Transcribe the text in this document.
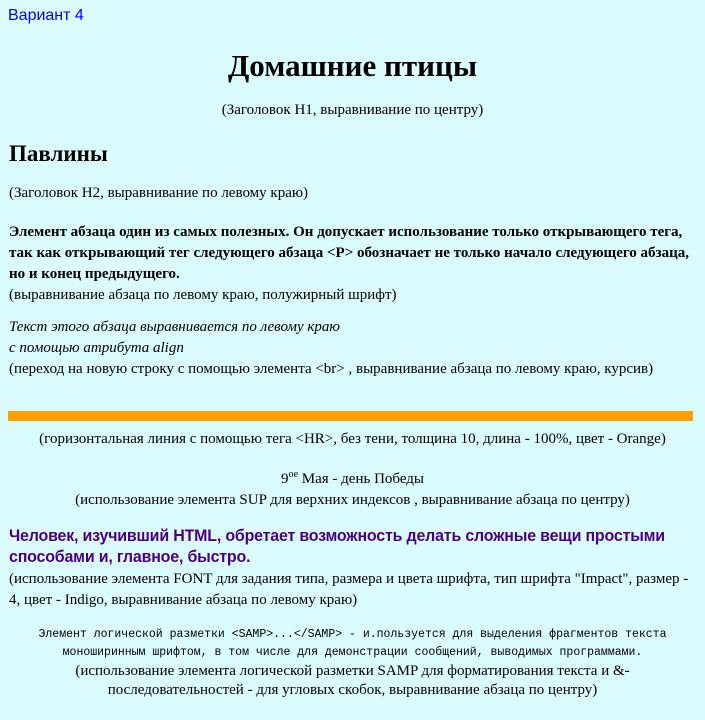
Вариант 4

Домашние птицы

(Заголовок H1, выравнивание по центру)

Павлины

(Заголовок H2, выравнивание по левому краю)

Элемент абзаца один из самых полезных. Он допускает использование только открывающего тега, так как открывающий тег следующего абзаца <P> обозначает не только начало следующего абзаца, но и конец предыдущего.
(выравнивание абзаца по левому краю, полужирный шрифт)
Текст этого абзаца выравнивается по левому краю
с помощью атрибута align
(переход на новую строку с помощью элемента <br> , выравнивание абзаца по левому краю, курсив)

(горизонтальная линия с помощью тега <HR>, без тени, толщина 10, длина - 100%, цвет - Orange)

$9^{ое}$ Мая - день Победы
(использование элемента SUP для верхних индексов , выравнивание абзаца по центру)
Человек, изучивший HTML, обретает возможность делать сложные вещи простыми способами и, главное, быстро.
(использование элемента FONT для задания типа, размера и цвета шрифта, тип шрифта "Impact", размер - 4, цвет - Indigo, выравнивание абзаца по левому краю)
Элемент логической разметки <SAMP>...</SAMP> - и.пользуется для выделения фрагментов текста моноширинным шрифтом, в том числе для демонстрации сообщений, выводимых программами.
(использование элемента логической разметки SAMP для форматирования текста и &-последовательностей - для угловых скобок, выравнивание абзаца по центру)
